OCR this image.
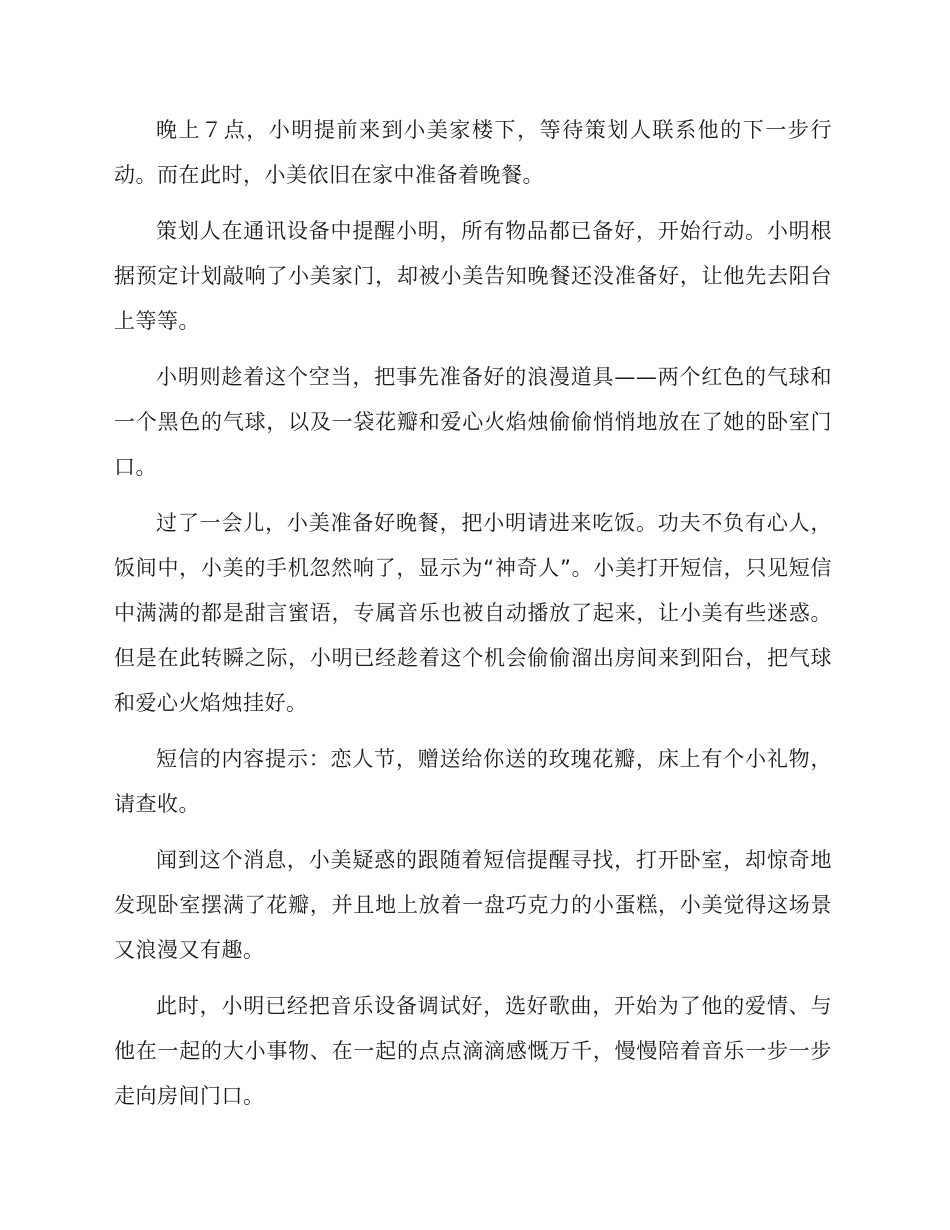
晚上７点，小明提前来到小美家楼下，等待策划人联系他的下一步行动。而在此时，小美依旧在家中准备着晚餐。

策划人在通讯设备中提醒小明，所有物品都已备好，开始行动。小明根据预定计划敲响了小美家门，却被小美告知晚餐还没准备好，让他先去阳台上等等。

小明则趁着这个空当，把事先准备好的浪漫道具——两个红色的气球和一个黑色的气球，以及一袋花瓣和爱心火焰烛偷偷悄悄地放在了她的卧室门口。

过了一会儿，小美准备好晚餐，把小明请进来吃饭。功夫不负有心人，饭间中，小美的手机忽然响了，显示为“神奇人”。小美打开短信，只见短信中满满的都是甜言蜜语，专属音乐也被自动播放了起来，让小美有些迷惑。但是在此转瞬之际，小明已经趁着这个机会偷偷溜出房间来到阳台，把气球和爱心火焰烛挂好。

短信的内容提示：恋人节，赠送给你送的玫瑰花瓣，床上有个小礼物，请查收。

闻到这个消息，小美疑惑的跟随着短信提醒寻找，打开卧室，却惊奇地发现卧室摆满了花瓣，并且地上放着一盘巧克力的小蛋糕，小美觉得这场景又浪漫又有趣。

此时，小明已经把音乐设备调试好，选好歌曲，开始为了他的爱情、与他在一起的大小事物、在一起的点点滴滴感慨万千，慢慢陪着音乐一步一步走向房间门口。
